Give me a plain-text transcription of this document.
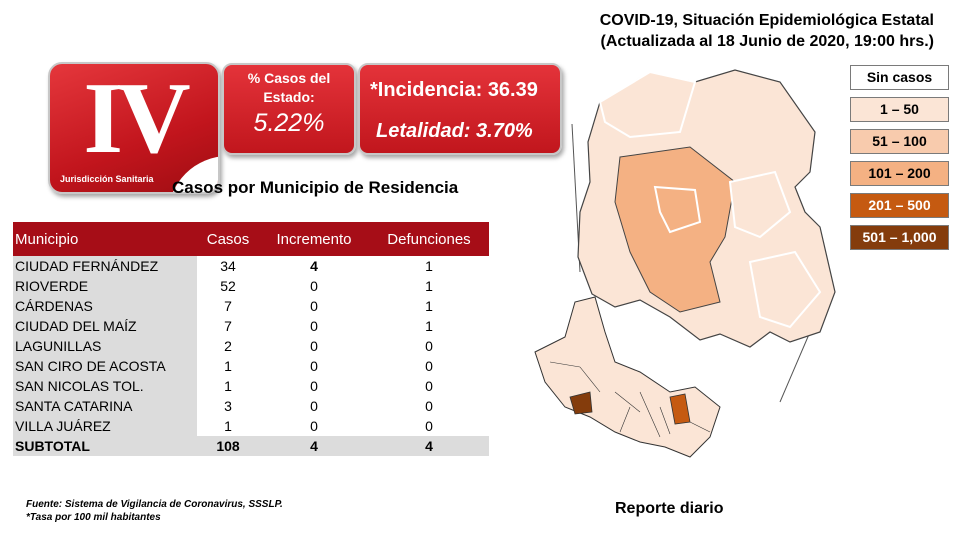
COVID-19, Situación Epidemiológica Estatal
(Actualizada al 18 Junio de 2020, 19:00 hrs.)
IV
Jurisdicción Sanitaria
% Casos del Estado:
5.22%
*Incidencia: 36.39
Letalidad: 3.70%
Casos por Municipio de Residencia
Municipio	Casos	Incremento	Defunciones
CIUDAD FERNÁNDEZ	34	4	1
RIOVERDE	52	0	1
CÁRDENAS	7	0	1
CIUDAD DEL MAÍZ	7	0	1
LAGUNILLAS	2	0	0
SAN CIRO DE ACOSTA	1	0	0
SAN NICOLAS TOL.	1	0	0
SANTA CATARINA	3	0	0
VILLA JUÁREZ	1	0	0
SUBTOTAL	108	4	4
Fuente: Sistema de Vigilancia de Coronavirus, SSSLP.
*Tasa por 100 mil habitantes
Reporte diario
Sin casos
1 – 50
51 – 100
101 – 200
201 – 500
501 – 1,000
